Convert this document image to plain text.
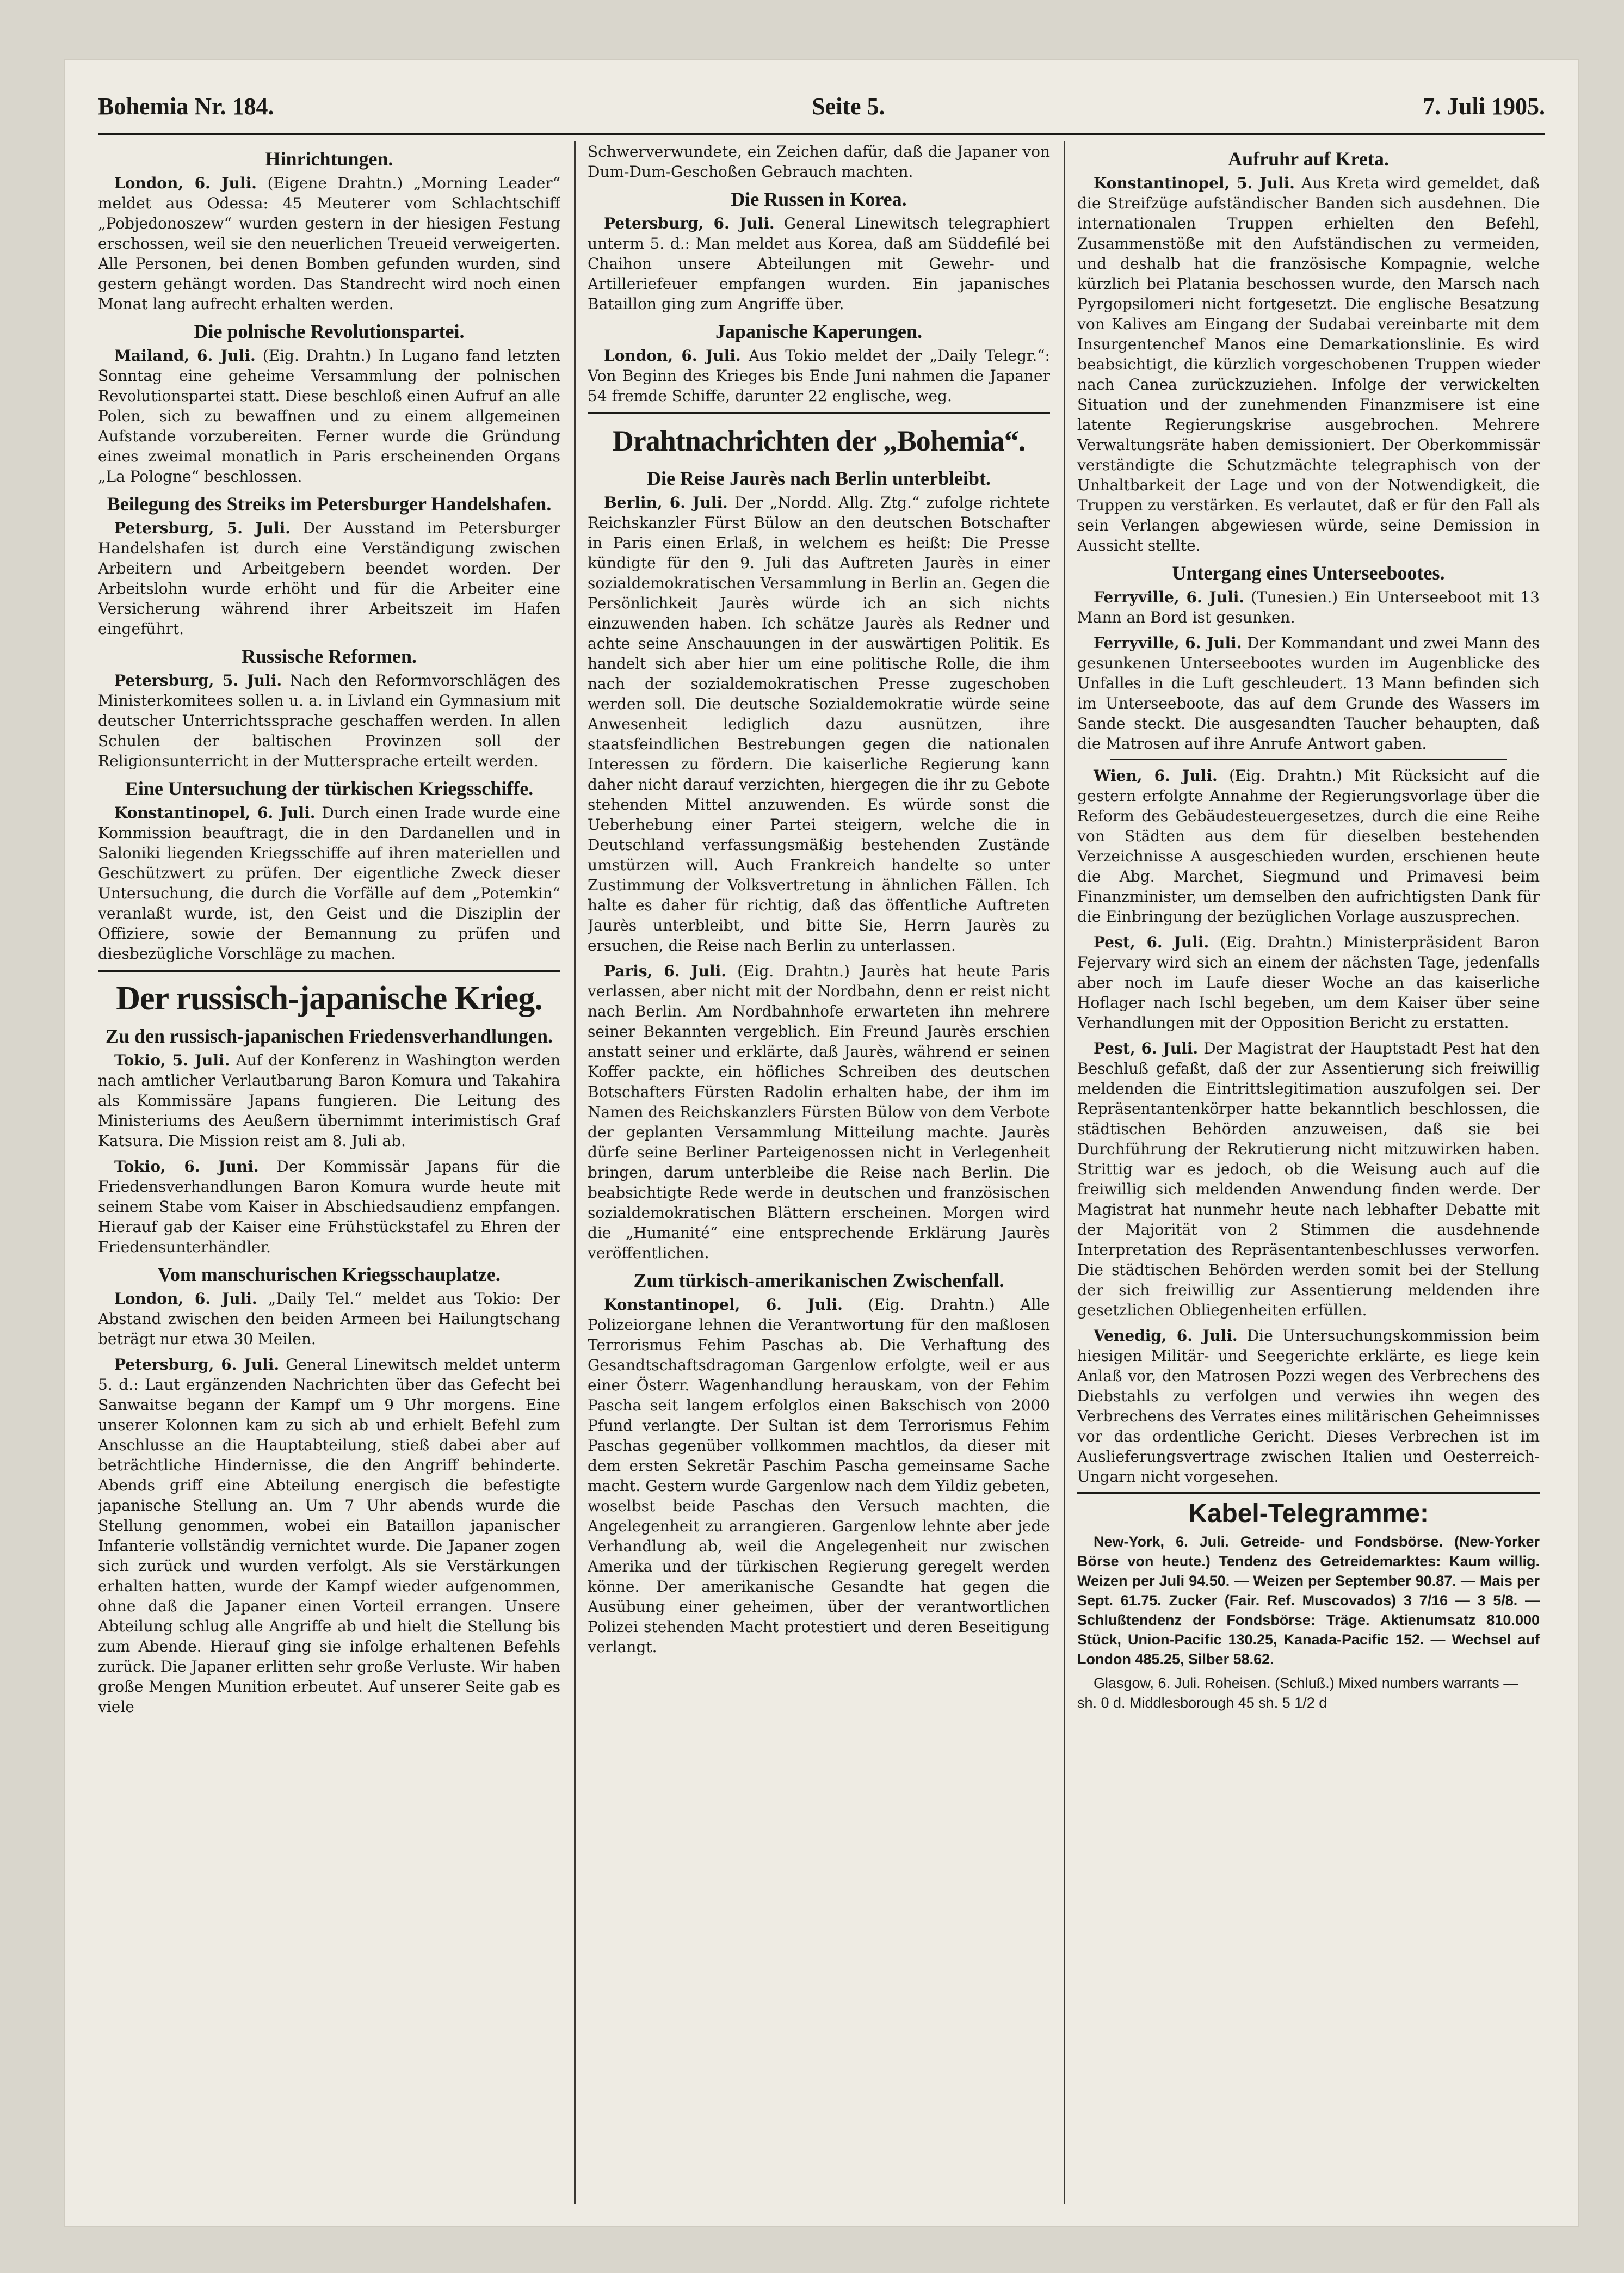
Bohemia Nr. 184.	Seite 5.	7. Juli 1905.
Hinrichtungen.

London, 6. Juli. (Eigene Drahtn.) „Morning Leader“ meldet aus Odessa: 45 Meuterer vom Schlachtschiff „Pobjedonoszew“ wurden gestern in der hiesigen Festung erschossen, weil sie den neuerlichen Treueid verweigerten. Alle Personen, bei denen Bomben gefunden wurden, sind gestern gehängt worden. Das Standrecht wird noch einen Monat lang aufrecht erhalten werden.

Die polnische Revolutionspartei.

Mailand, 6. Juli. (Eig. Drahtn.) In Lugano fand letzten Sonntag eine geheime Versammlung der polnischen Revolutionspartei statt. Diese beschloß einen Aufruf an alle Polen, sich zu bewaffnen und zu einem allgemeinen Aufstande vorzubereiten. Ferner wurde die Gründung eines zweimal monatlich in Paris erscheinenden Organs „La Pologne“ beschlossen.

Beilegung des Streiks im Petersburger Handelshafen.

Petersburg, 5. Juli. Der Ausstand im Petersburger Handelshafen ist durch eine Verständigung zwischen Arbeitern und Arbeitgebern beendet worden. Der Arbeitslohn wurde erhöht und für die Arbeiter eine Versicherung während ihrer Arbeitszeit im Hafen eingeführt.

Russische Reformen.

Petersburg, 5. Juli. Nach den Reformvorschlägen des Ministerkomitees sollen u. a. in Livland ein Gymnasium mit deutscher Unterrichtssprache geschaffen werden. In allen Schulen der baltischen Provinzen soll der Religionsunterricht in der Muttersprache erteilt werden.

Eine Untersuchung der türkischen Kriegsschiffe.

Konstantinopel, 6. Juli. Durch einen Irade wurde eine Kommission beauftragt, die in den Dardanellen und in Saloniki liegenden Kriegsschiffe auf ihren materiellen und Geschützwert zu prüfen. Der eigentliche Zweck dieser Untersuchung, die durch die Vorfälle auf dem „Potemkin“ veranlaßt wurde, ist, den Geist und die Disziplin der Offiziere, sowie der Bemannung zu prüfen und diesbezügliche Vorschläge zu machen.

Der russisch-japanische Krieg.
Zu den russisch-japanischen Friedensverhandlungen.

Tokio, 5. Juli. Auf der Konferenz in Washington werden nach amtlicher Verlautbarung Baron Komura und Takahira als Kommissäre Japans fungieren. Die Leitung des Ministeriums des Aeußern übernimmt interimistisch Graf Katsura. Die Mission reist am 8. Juli ab.

Tokio, 6. Juni. Der Kommissär Japans für die Friedensverhandlungen Baron Komura wurde heute mit seinem Stabe vom Kaiser in Abschiedsaudienz empfangen. Hierauf gab der Kaiser eine Frühstückstafel zu Ehren der Friedensunterhändler.

Vom manschurischen Kriegsschauplatze.

London, 6. Juli. „Daily Tel.“ meldet aus Tokio: Der Abstand zwischen den beiden Armeen bei Hailungtschang beträgt nur etwa 30 Meilen.

Petersburg, 6. Juli. General Linewitsch meldet unterm 5. d.: Laut ergänzenden Nachrichten über das Gefecht bei Sanwaitse begann der Kampf um 9 Uhr morgens. Eine unserer Kolonnen kam zu sich ab und erhielt Befehl zum Anschlusse an die Hauptabteilung, stieß dabei aber auf beträchtliche Hindernisse, die den Angriff behinderte. Abends griff eine Abteilung energisch die befestigte japanische Stellung an. Um 7 Uhr abends wurde die Stellung genommen, wobei ein Bataillon japanischer Infanterie vollständig vernichtet wurde. Die Japaner zogen sich zurück und wurden verfolgt. Als sie Verstärkungen erhalten hatten, wurde der Kampf wieder aufgenommen, ohne daß die Japaner einen Vorteil errangen. Unsere Abteilung schlug alle Angriffe ab und hielt die Stellung bis zum Abende. Hierauf ging sie infolge erhaltenen Befehls zurück. Die Japaner erlitten sehr große Verluste. Wir haben große Mengen Munition erbeutet. Auf unserer Seite gab es viele

Schwerverwundete, ein Zeichen dafür, daß die Japaner von Dum-Dum-Geschoßen Gebrauch machten.

Die Russen in Korea.

Petersburg, 6. Juli. General Linewitsch telegraphiert unterm 5. d.: Man meldet aus Korea, daß am Süddefilé bei Chaihon unsere Abteilungen mit Gewehr- und Artilleriefeuer empfangen wurden. Ein japanisches Bataillon ging zum Angriffe über.

Japanische Kaperungen.

London, 6. Juli. Aus Tokio meldet der „Daily Telegr.“: Von Beginn des Krieges bis Ende Juni nahmen die Japaner 54 fremde Schiffe, darunter 22 englische, weg.

Drahtnachrichten der „Bohemia“.
Die Reise Jaurès nach Berlin unterbleibt.

Berlin, 6. Juli. Der „Nordd. Allg. Ztg.“ zufolge richtete Reichskanzler Fürst Bülow an den deutschen Botschafter in Paris einen Erlaß, in welchem es heißt: Die Presse kündigte für den 9. Juli das Auftreten Jaurès in einer sozialdemokratischen Versammlung in Berlin an. Gegen die Persönlichkeit Jaurès würde ich an sich nichts einzuwenden haben. Ich schätze Jaurès als Redner und achte seine Anschauungen in der auswärtigen Politik. Es handelt sich aber hier um eine politische Rolle, die ihm nach der sozialdemokratischen Presse zugeschoben werden soll. Die deutsche Sozialdemokratie würde seine Anwesenheit lediglich dazu ausnützen, ihre staatsfeindlichen Bestrebungen gegen die nationalen Interessen zu fördern. Die kaiserliche Regierung kann daher nicht darauf verzichten, hiergegen die ihr zu Gebote stehenden Mittel anzuwenden. Es würde sonst die Ueberhebung einer Partei steigern, welche die in Deutschland verfassungsmäßig bestehenden Zustände umstürzen will. Auch Frankreich handelte so unter Zustimmung der Volksvertretung in ähnlichen Fällen. Ich halte es daher für richtig, daß das öffentliche Auftreten Jaurès unterbleibt, und bitte Sie, Herrn Jaurès zu ersuchen, die Reise nach Berlin zu unterlassen.

Paris, 6. Juli. (Eig. Drahtn.) Jaurès hat heute Paris verlassen, aber nicht mit der Nordbahn, denn er reist nicht nach Berlin. Am Nordbahnhofe erwarteten ihn mehrere seiner Bekannten vergeblich. Ein Freund Jaurès erschien anstatt seiner und erklärte, daß Jaurès, während er seinen Koffer packte, ein höfliches Schreiben des deutschen Botschafters Fürsten Radolin erhalten habe, der ihm im Namen des Reichskanzlers Fürsten Bülow von dem Verbote der geplanten Versammlung Mitteilung machte. Jaurès dürfe seine Berliner Parteigenossen nicht in Verlegenheit bringen, darum unterbleibe die Reise nach Berlin. Die beabsichtigte Rede werde in deutschen und französischen sozialdemokratischen Blättern erscheinen. Morgen wird die „Humanité“ eine entsprechende Erklärung Jaurès veröffentlichen.

Zum türkisch-amerikanischen Zwischenfall.

Konstantinopel, 6. Juli. (Eig. Drahtn.) Alle Polizeiorgane lehnen die Verantwortung für den maßlosen Terrorismus Fehim Paschas ab. Die Verhaftung des Gesandtschaftsdragoman Gargenlow erfolgte, weil er aus einer Österr. Wagenhandlung herauskam, von der Fehim Pascha seit langem erfolglos einen Bakschisch von 2000 Pfund verlangte. Der Sultan ist dem Terrorismus Fehim Paschas gegenüber vollkommen machtlos, da dieser mit dem ersten Sekretär Paschim Pascha gemeinsame Sache macht. Gestern wurde Gargenlow nach dem Yildiz gebeten, woselbst beide Paschas den Versuch machten, die Angelegenheit zu arrangieren. Gargenlow lehnte aber jede Verhandlung ab, weil die Angelegenheit nur zwischen Amerika und der türkischen Regierung geregelt werden könne. Der amerikanische Gesandte hat gegen die Ausübung einer geheimen, über der verantwortlichen Polizei stehenden Macht protestiert und deren Beseitigung verlangt.

Aufruhr auf Kreta.

Konstantinopel, 5. Juli. Aus Kreta wird gemeldet, daß die Streifzüge aufständischer Banden sich ausdehnen. Die internationalen Truppen erhielten den Befehl, Zusammenstöße mit den Aufständischen zu vermeiden, und deshalb hat die französische Kompagnie, welche kürzlich bei Platania beschossen wurde, den Marsch nach Pyrgopsilomeri nicht fortgesetzt. Die englische Besatzung von Kalives am Eingang der Sudabai vereinbarte mit dem Insurgentenchef Manos eine Demarkationslinie. Es wird beabsichtigt, die kürzlich vorgeschobenen Truppen wieder nach Canea zurückzuziehen. Infolge der verwickelten Situation und der zunehmenden Finanzmisere ist eine latente Regierungskrise ausgebrochen. Mehrere Verwaltungsräte haben demissioniert. Der Oberkommissär verständigte die Schutzmächte telegraphisch von der Unhaltbarkeit der Lage und von der Notwendigkeit, die Truppen zu verstärken. Es verlautet, daß er für den Fall als sein Verlangen abgewiesen würde, seine Demission in Aussicht stellte.

Untergang eines Unterseebootes.

Ferryville, 6. Juli. (Tunesien.) Ein Unterseeboot mit 13 Mann an Bord ist gesunken.

Ferryville, 6. Juli. Der Kommandant und zwei Mann des gesunkenen Unterseebootes wurden im Augenblicke des Unfalles in die Luft geschleudert. 13 Mann befinden sich im Unterseeboote, das auf dem Grunde des Wassers im Sande steckt. Die ausgesandten Taucher behaupten, daß die Matrosen auf ihre Anrufe Antwort gaben.

Wien, 6. Juli. (Eig. Drahtn.) Mit Rücksicht auf die gestern erfolgte Annahme der Regierungsvorlage über die Reform des Gebäudesteuergesetzes, durch die eine Reihe von Städten aus dem für dieselben bestehenden Verzeichnisse A ausgeschieden wurden, erschienen heute die Abg. Marchet, Siegmund und Primavesi beim Finanzminister, um demselben den aufrichtigsten Dank für die Einbringung der bezüglichen Vorlage auszusprechen.

Pest, 6. Juli. (Eig. Drahtn.) Ministerpräsident Baron Fejervary wird sich an einem der nächsten Tage, jedenfalls aber noch im Laufe dieser Woche an das kaiserliche Hoflager nach Ischl begeben, um dem Kaiser über seine Verhandlungen mit der Opposition Bericht zu erstatten.

Pest, 6. Juli. Der Magistrat der Hauptstadt Pest hat den Beschluß gefaßt, daß der zur Assentierung sich freiwillig meldenden die Eintrittslegitimation auszufolgen sei. Der Repräsentantenkörper hatte bekanntlich beschlossen, die städtischen Behörden anzuweisen, daß sie bei Durchführung der Rekrutierung nicht mitzuwirken haben. Strittig war es jedoch, ob die Weisung auch auf die freiwillig sich meldenden Anwendung finden werde. Der Magistrat hat nunmehr heute nach lebhafter Debatte mit der Majorität von 2 Stimmen die ausdehnende Interpretation des Repräsentantenbeschlusses verworfen. Die städtischen Behörden werden somit bei der Stellung der sich freiwillig zur Assentierung meldenden ihre gesetzlichen Obliegenheiten erfüllen.

Venedig, 6. Juli. Die Untersuchungskommission beim hiesigen Militär- und Seegerichte erklärte, es liege kein Anlaß vor, den Matrosen Pozzi wegen des Verbrechens des Diebstahls zu verfolgen und verwies ihn wegen des Verbrechens des Verrates eines militärischen Geheimnisses vor das ordentliche Gericht. Dieses Verbrechen ist im Auslieferungsvertrage zwischen Italien und Oesterreich-Ungarn nicht vorgesehen.

Kabel-Telegramme:

New-York, 6. Juli. Getreide- und Fondsbörse. (New-Yorker Börse von heute.) Tendenz des Getreidemarktes: Kaum willig. Weizen per Juli 94.50. — Weizen per September 90.87. — Mais per Sept. 61.75. Zucker (Fair. Ref. Muscovados) 3 7/16 — 3 5/8. — Schlußtendenz der Fondsbörse: Träge. Aktienumsatz 810.000 Stück, Union-Pacific 130.25, Kanada-Pacific 152. — Wechsel auf London 485.25, Silber 58.62.

Glasgow, 6. Juli. Roheisen. (Schluß.) Mixed numbers warrants — sh. 0 d. Middlesborough 45 sh. 5 1/2 d
